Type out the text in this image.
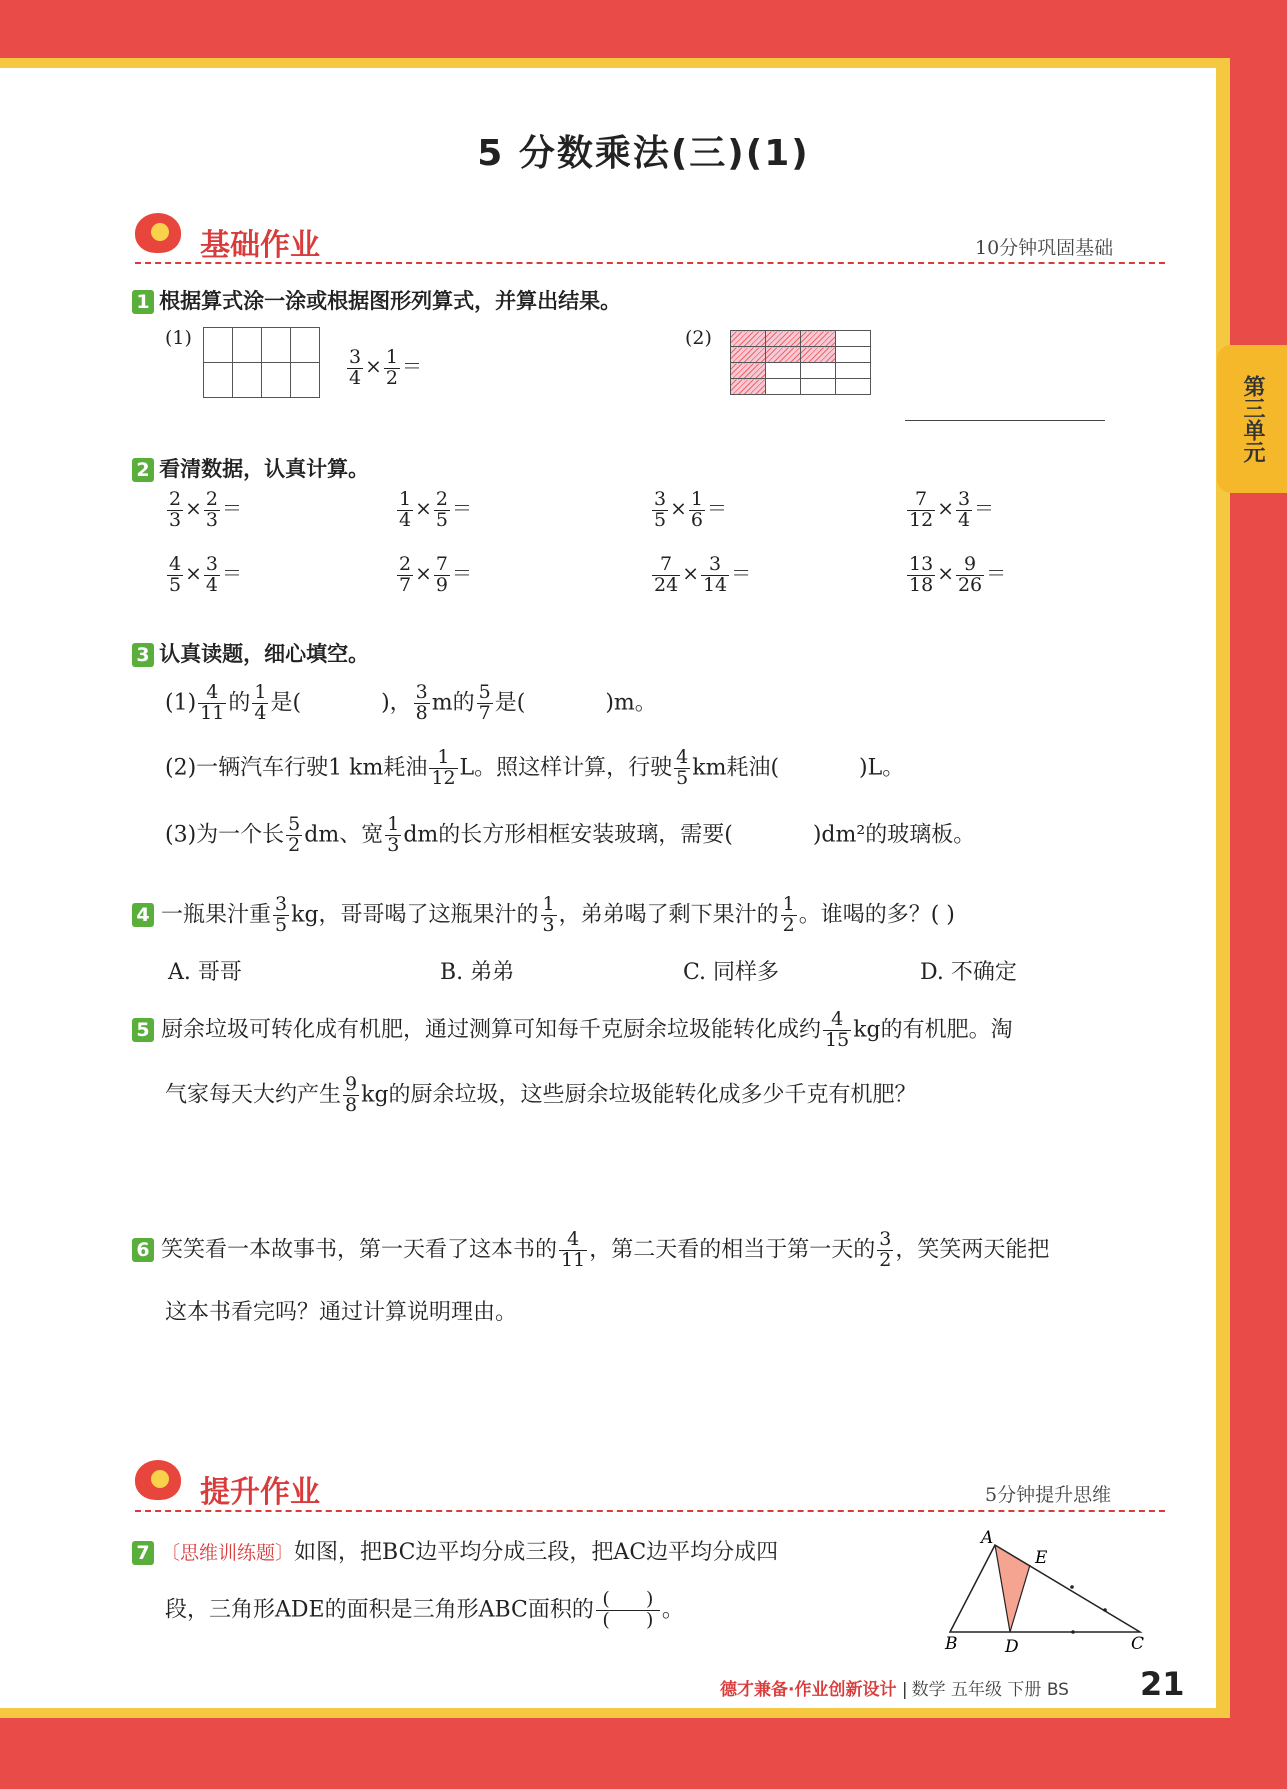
5 分数乘法(三)(1)
第三单元
基础作业	10分钟巩固基础
1 根据算式涂一涂或根据图形列算式，并算出结果。
(1)

$\frac{3}{4} \times \frac{1}{2}$ ＝
(2)

2 看清数据，认真计算。
$\frac{2}{3} \times \frac{2}{3}$ ＝	$\frac{1}{4} \times \frac{2}{5}$ ＝	$\frac{3}{5} \times \frac{1}{6}$ ＝	$\frac{7}{12} \times \frac{3}{4}$ ＝
$\frac{4}{5} \times \frac{3}{4}$ ＝	$\frac{2}{7} \times \frac{7}{9}$ ＝	$\frac{7}{24} \times \frac{3}{14}$ ＝	$\frac{13}{18} \times \frac{9}{26}$ ＝
3 认真读题，细心填空。
$(1) \frac{4}{11}$ 的 $\frac{1}{4}$ 是(	)， $\frac{3}{8}$ m的 $\frac{5}{7}$ 是(	)m。
(2)一辆汽车行驶1 km耗油 $\frac{1}{12}$ L。照这样计算，行驶 $\frac{4}{5}$ km耗油(	)L。
(3)为一个长 $\frac{5}{2}$ dm、宽 $\frac{1}{3}$ dm的长方形相框安装玻璃，需要(	)dm²的玻璃板。
4 一瓶果汁重 $\frac{3}{5}$ kg，哥哥喝了这瓶果汁的 $\frac{1}{3}$ ，弟弟喝了剩下果汁的 $\frac{1}{2}$ 。谁喝的多？( )
A. 哥哥	B. 弟弟	C. 同样多	D. 不确定
5 厨余垃圾可转化成有机肥，通过测算可知每千克厨余垃圾能转化成约 $\frac{4}{15}$ kg的有机肥。淘
气家每天大约产生 $\frac{9}{8}$ kg的厨余垃圾，这些厨余垃圾能转化成多少千克有机肥？
6 笑笑看一本故事书，第一天看了这本书的 $\frac{4}{11}$ ，第二天看的相当于第一天的 $\frac{3}{2}$ ，笑笑两天能把
这本书看完吗？通过计算说明理由。
提升作业	5分钟提升思维
7 〔思维训练题〕如图，把BC边平均分成三段，把AC边平均分成四
段，三角形ADE的面积是三角形ABC面积的 $\frac{( )}{( )}$ 。
A
E
B	D	C
德才兼备·作业创新设计 | 数学 五年级 下册 BS 21
